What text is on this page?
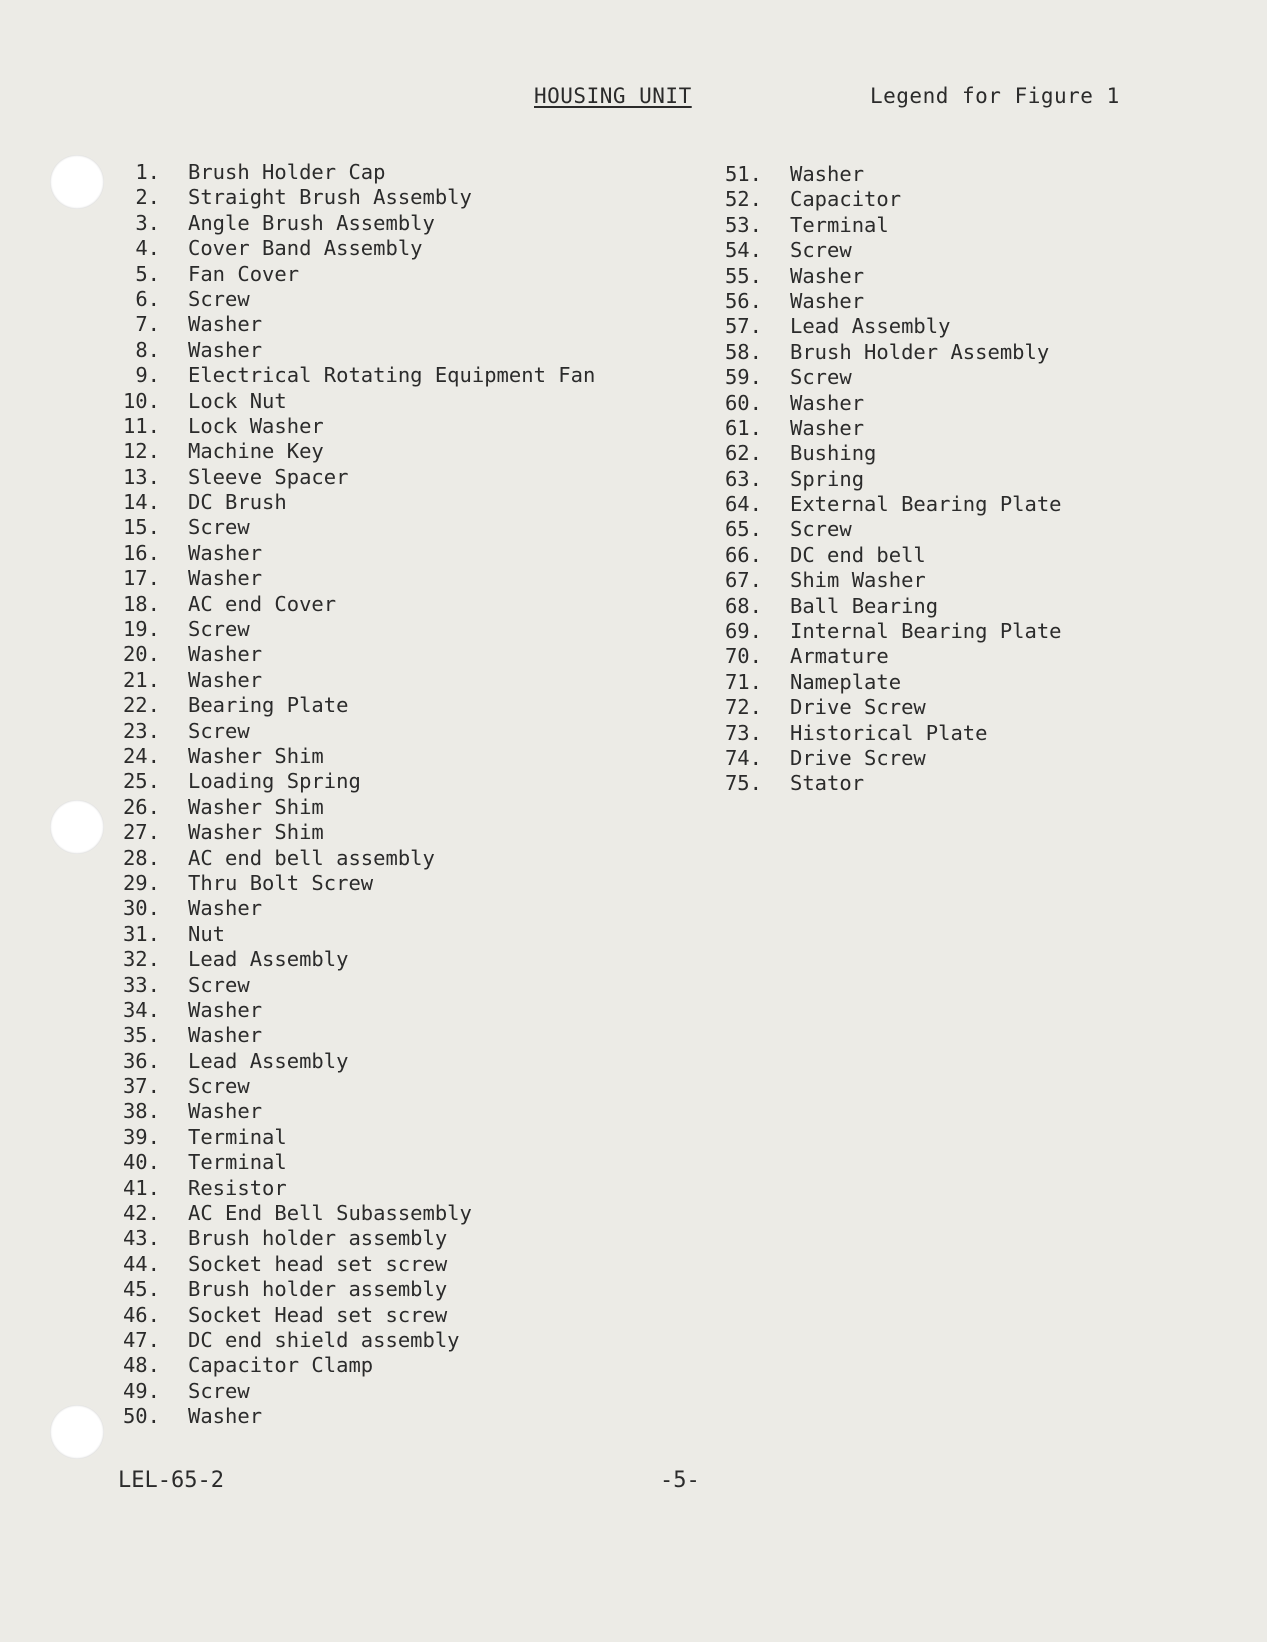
HOUSING UNIT	Legend for Figure 1
1 .	Brush Holder Cap
2 .	Straight Brush Assembly
3 .	Angle Brush Assembly
4 .	Cover Band Assembly
5 .	Fan Cover
6 .	Screw
7 .	Washer
8 .	Washer
9 .	Electrical Rotating Equipment Fan
10 .	Lock Nut
11 .	Lock Washer
12 .	Machine Key
13 .	Sleeve Spacer
14 .	DC Brush
15 .	Screw
16 .	Washer
17 .	Washer
18 .	AC end Cover
19 .	Screw
20 .	Washer
21 .	Washer
22 .	Bearing Plate
23 .	Screw
24 .	Washer Shim
25 .	Loading Spring
26 .	Washer Shim
27 .	Washer Shim
28 .	AC end bell assembly
29 .	Thru Bolt Screw
30 .	Washer
31 .	Nut
32 .	Lead Assembly
33 .	Screw
34 .	Washer
35 .	Washer
36 .	Lead Assembly
37 .	Screw
38 .	Washer
39 .	Terminal
40 .	Terminal
41 .	Resistor
42 .	AC End Bell Subassembly
43 .	Brush holder assembly
44 .	Socket head set screw
45 .	Brush holder assembly
46 .	Socket Head set screw
47 .	DC end shield assembly
48 .	Capacitor Clamp
49 .	Screw
50 .	Washer
51 .	Washer
52 .	Capacitor
53 .	Terminal
54 .	Screw
55 .	Washer
56 .	Washer
57 .	Lead Assembly
58 .	Brush Holder Assembly
59 .	Screw
60 .	Washer
61 .	Washer
62 .	Bushing
63 .	Spring
64 .	External Bearing Plate
65 .	Screw
66 .	DC end bell
67 .	Shim Washer
68 .	Ball Bearing
69 .	Internal Bearing Plate
70 .	Armature
71 .	Nameplate
72 .	Drive Screw
73 .	Historical Plate
74 .	Drive Screw
75 .	Stator
LEL-65-2	-5-
